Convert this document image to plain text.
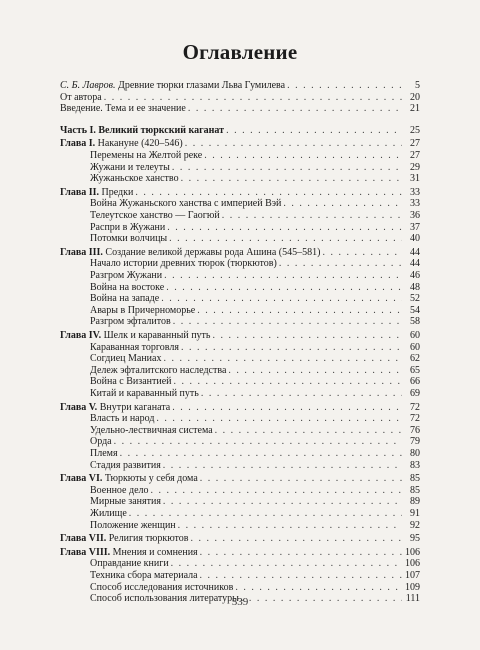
Оглавление
С. Б. Лавров. Древние тюрки глазами Льва Гумилева . . .	5
От автора . . .	20
Введение. Тема и ее значение . . .	21
Часть I. Великий тюркский каганат . . .	25
Глава I. Накануне (420–546) . . .	27
Перемены на Желтой реке . . .	27
Жужани и телеуты . . .	29
Жужаньское ханство . . .	31
Глава II. Предки . . .	33
Война Жужаньского ханства с империей Вэй . . .	33
Телеутское ханство — Гаогюй . . .	36
Распри в Жужани . . .	37
Потомки волчицы . . .	40
Глава III. Создание великой державы рода Ашина (545–581) . . .	44
Начало истории древних тюрок (тюркютов) . . .	44
Разгром Жужани . . .	46
Война на востоке . . .	48
Война на западе . . .	52
Авары в Причерноморье . . .	54
Разгром эфталитов . . .	58
Глава IV. Шелк и караванный путь . . .	60
Караванная торговля . . .	60
Согдиец Маниах . . .	62
Дележ эфталитского наследства . . .	65
Война с Византией . . .	66
Китай и караванный путь . . .	69
Глава V. Внутри каганата . . .	72
Власть и народ . . .	72
Удельно-лествичная система . . .	76
Орда . . .	79
Племя . . .	80
Стадия развития . . .	83
Глава VI. Тюркюты у себя дома . . .	85
Военное дело . . .	85
Мирные занятия . . .	89
Жилище . . .	91
Положение женщин . . .	92
Глава VII. Религия тюркютов . . .	95
Глава VIII. Мнения и сомнения . . .	106
Оправдание книги . . .	106
Техника сбора материала . . .	107
Способ исследования источников . . .	109
Способ использования литературы . . .	111
539
